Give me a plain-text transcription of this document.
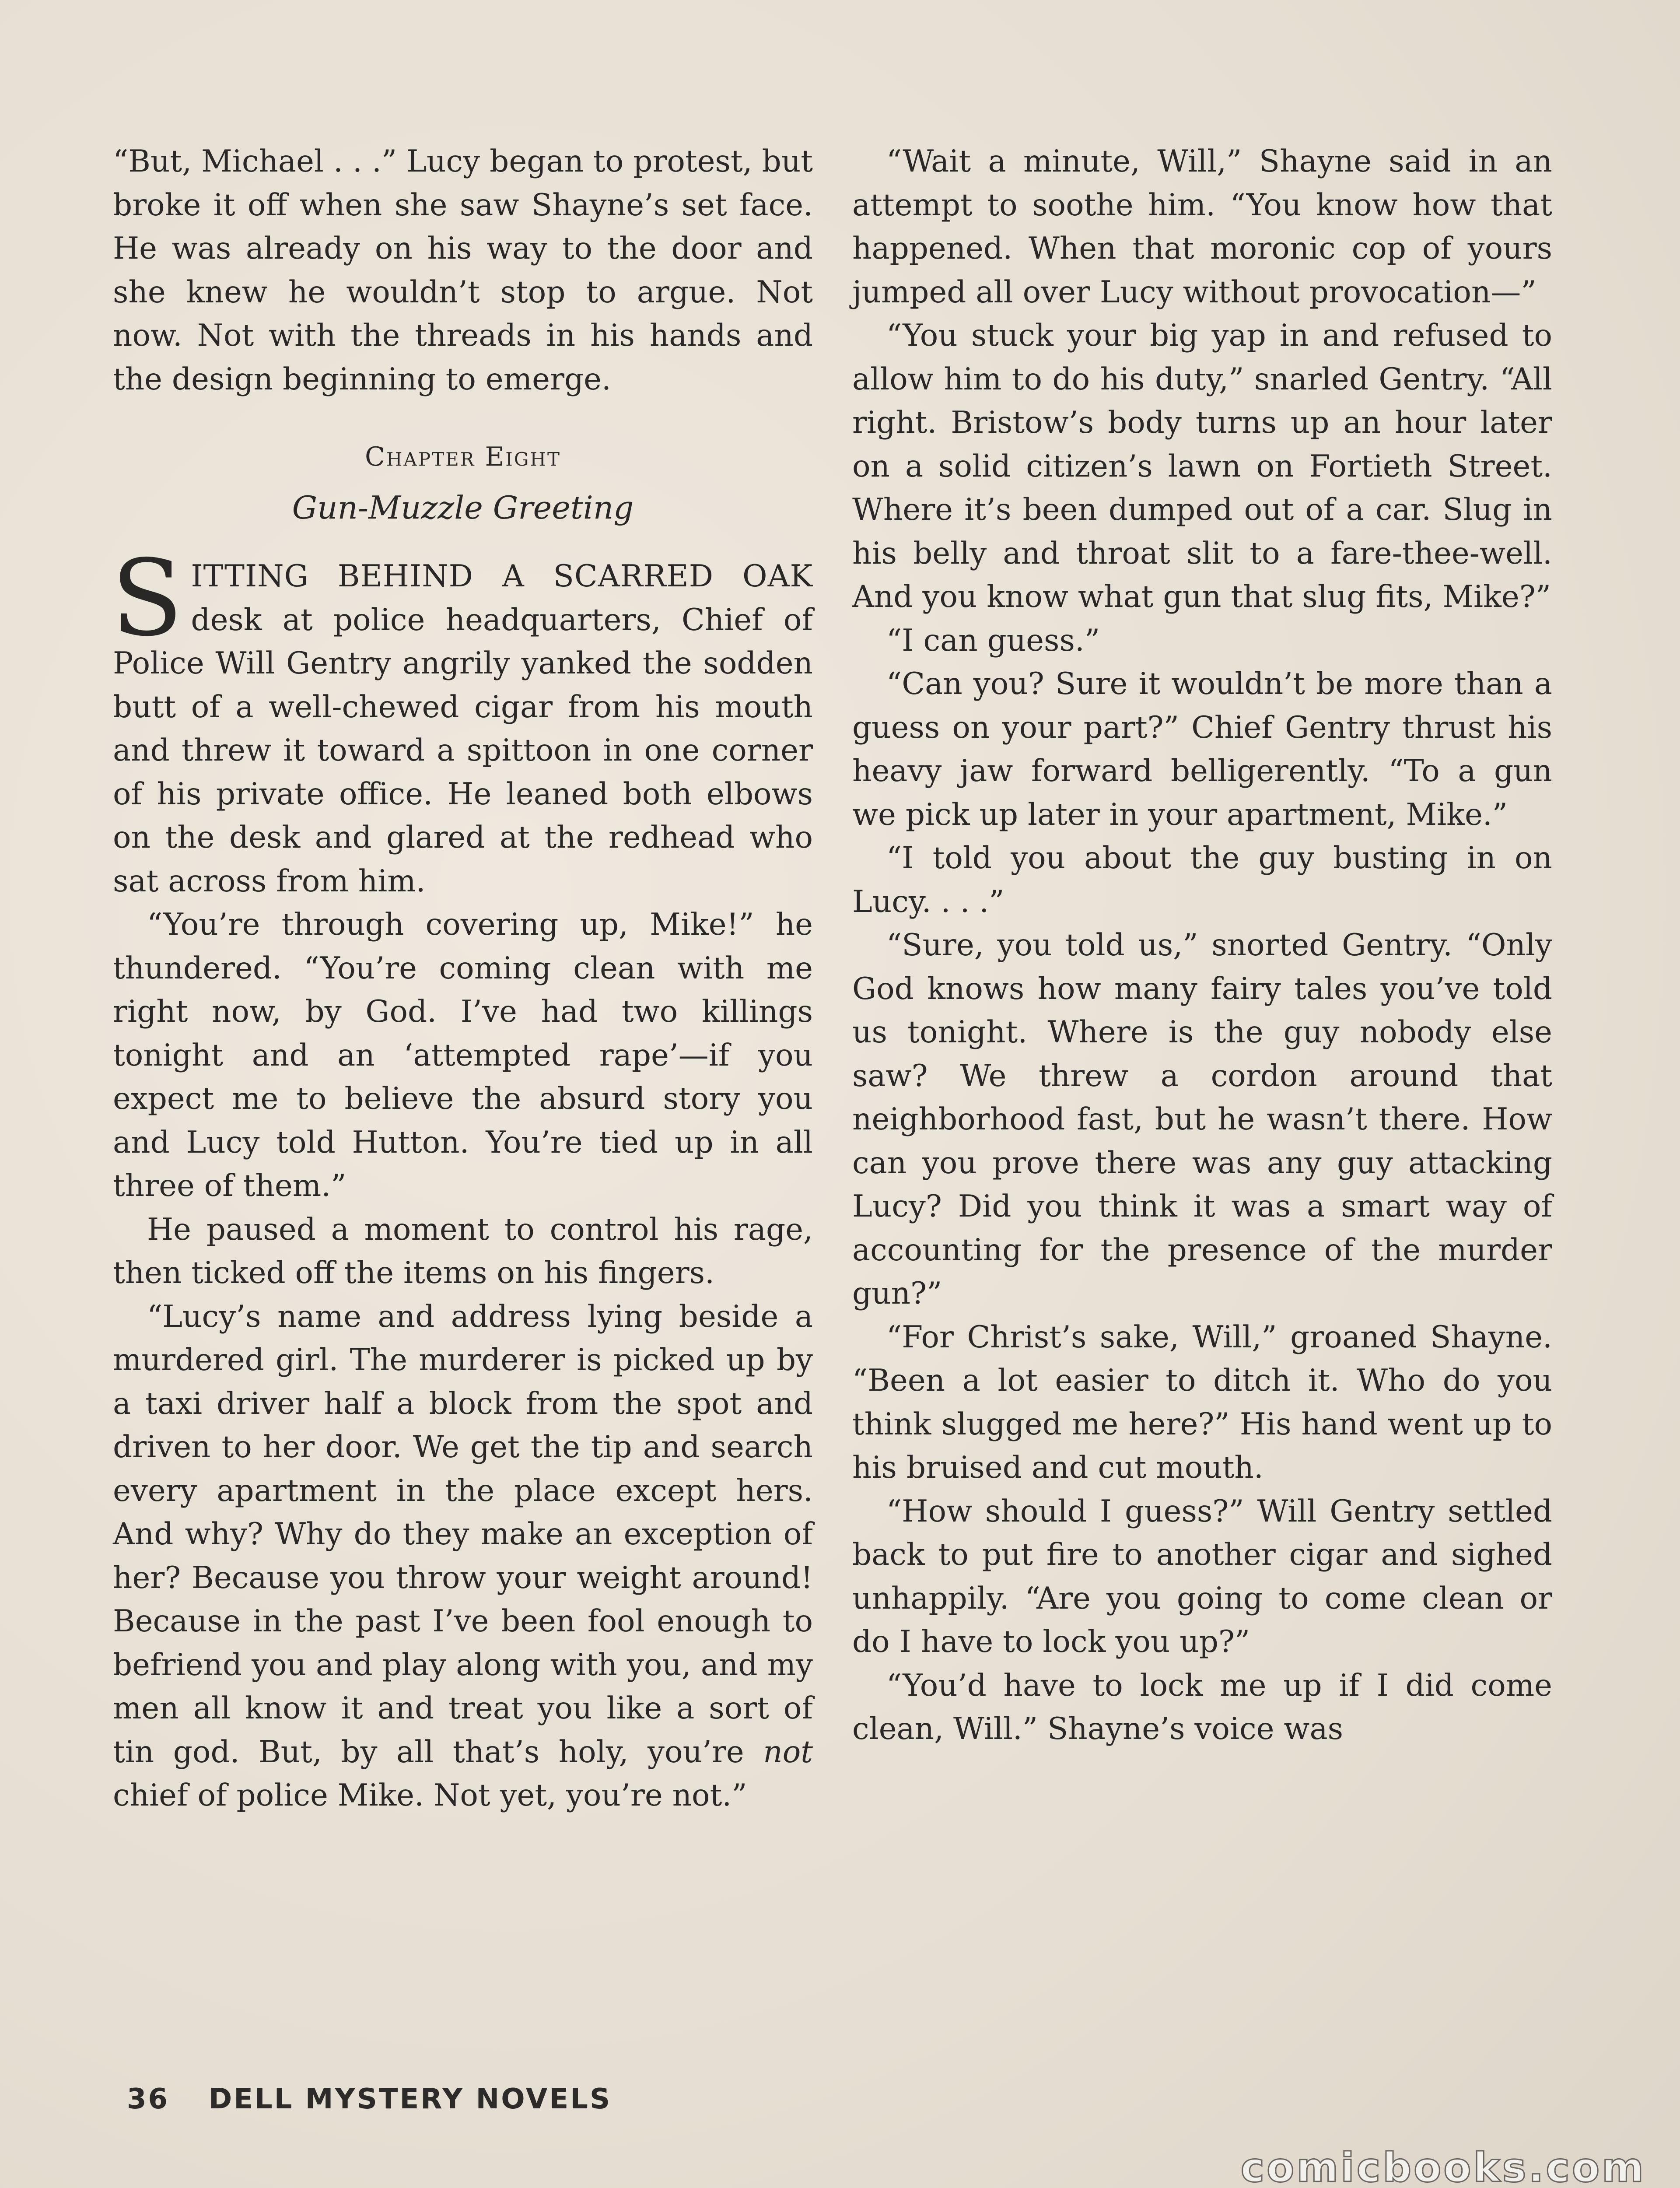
“But, Michael . . .” Lucy began to protest, but broke it off when she saw Shayne’s set face. He was already on his way to the door and she knew he wouldn’t stop to argue. Not now. Not with the threads in his hands and the design beginning to emerge.

Chapter Eight
Gun-Muzzle Greeting

SITTING BEHIND A SCARRED OAK desk at police headquarters, Chief of Police Will Gentry angrily yanked the sodden butt of a well-chewed cigar from his mouth and threw it toward a spittoon in one corner of his private office. He leaned both elbows on the desk and glared at the redhead who sat across from him.

“You’re through covering up, Mike!” he thundered. “You’re coming clean with me right now, by God. I’ve had two killings tonight and an ‘attempted rape’—if you expect me to believe the absurd story you and Lucy told Hutton. You’re tied up in all three of them.”

He paused a moment to control his rage, then ticked off the items on his fingers.

“Lucy’s name and address lying beside a murdered girl. The murderer is picked up by a taxi driver half a block from the spot and driven to her door. We get the tip and search every apartment in the place except hers. And why? Why do they make an exception of her? Because you throw your weight around! Because in the past I’ve been fool enough to befriend you and play along with you, and my men all know it and treat you like a sort of tin god. But, by all that’s holy, you’re not chief of police Mike. Not yet, you’re not.”

“Wait a minute, Will,” Shayne said in an attempt to soothe him. “You know how that happened. When that moronic cop of yours jumped all over Lucy without provocation—”

“You stuck your big yap in and refused to allow him to do his duty,” snarled Gentry. “All right. Bristow’s body turns up an hour later on a solid citizen’s lawn on Fortieth Street. Where it’s been dumped out of a car. Slug in his belly and throat slit to a fare-thee-well. And you know what gun that slug fits, Mike?”

“I can guess.”

“Can you? Sure it wouldn’t be more than a guess on your part?” Chief Gentry thrust his heavy jaw forward belligerently. “To a gun we pick up later in your apartment, Mike.”

“I told you about the guy busting in on Lucy. . . .”

“Sure, you told us,” snorted Gentry. “Only God knows how many fairy tales you’ve told us tonight. Where is the guy nobody else saw? We threw a cordon around that neighborhood fast, but he wasn’t there. How can you prove there was any guy attacking Lucy? Did you think it was a smart way of accounting for the presence of the murder gun?”

“For Christ’s sake, Will,” groaned Shayne. “Been a lot easier to ditch it. Who do you think slugged me here?” His hand went up to his bruised and cut mouth.

“How should I guess?” Will Gentry settled back to put fire to another cigar and sighed unhappily. “Are you going to come clean or do I have to lock you up?”

“You’d have to lock me up if I did come clean, Will.” Shayne’s voice was

36 DELL MYSTERY NOVELS
comicbooks.com
